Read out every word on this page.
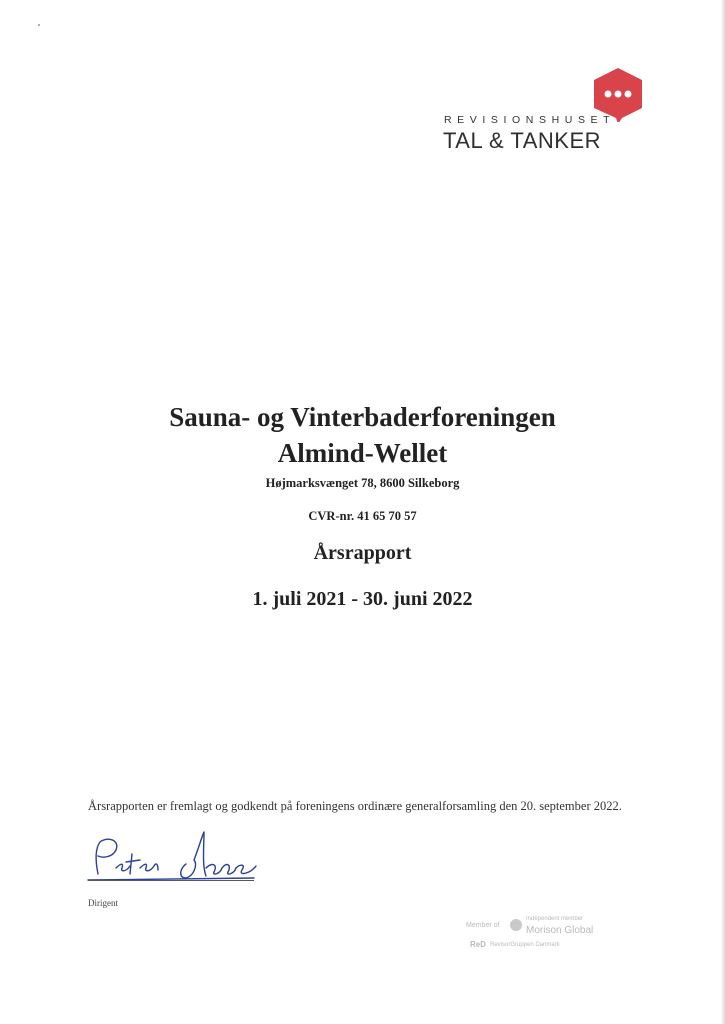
REVISIONSHUSET
TAL & TANKER
Sauna- og Vinterbaderforeningen
Almind-Wellet
Højmarksvænget 78, 8600 Silkeborg
CVR-nr. 41 65 70 57
Årsrapport
1. juli 2021 - 30. juni 2022
Årsrapporten er fremlagt og godkendt på foreningens ordinære generalforsamling den 20. september 2022.
Dirigent
Member of
Independent member
Morison Global
ReD RevisorGruppen Danmark
